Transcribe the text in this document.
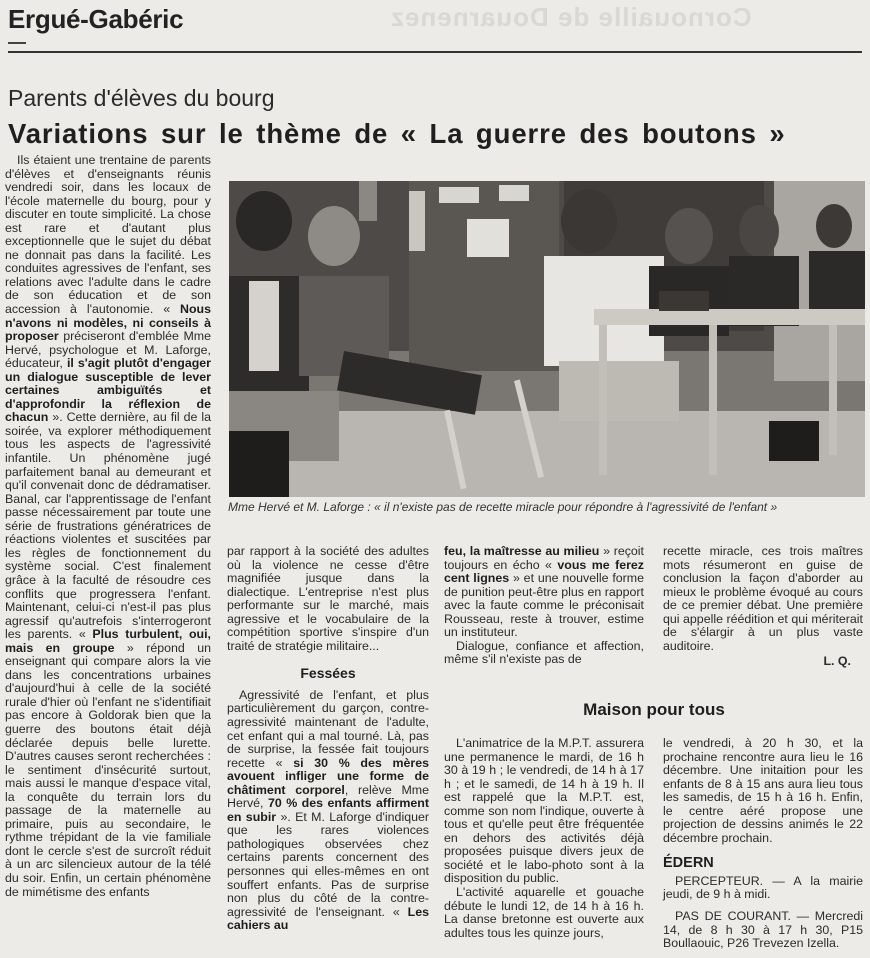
Cornouaille de Douarnenez
Ergué-Gabéric
Parents d'élèves du bourg
Variations sur le thème de « La guerre des boutons »

Ils étaient une trentaine de parents d'élèves et d'enseignants réunis vendredi soir, dans les locaux de l'école maternelle du bourg, pour y discuter en toute simplicité. La chose est rare et d'autant plus exceptionnelle que le sujet du débat ne donnait pas dans la facilité. Les conduites agressives de l'enfant, ses relations avec l'adulte dans le cadre de son éducation et de son accession à l'autonomie. « Nous n'avons ni modèles, ni conseils à proposer préciseront d'emblée Mme Hervé, psychologue et M. Laforge, éducateur, il s'agit plutôt d'engager un dialogue susceptible de lever certaines ambiguïtés et d'approfondir la réflexion de chacun ». Cette dernière, au fil de la soirée, va explorer méthodiquement tous les aspects de l'agressivité infantile. Un phénomène jugé parfaitement banal au demeurant et qu'il convenait donc de dédramatiser. Banal, car l'apprentissage de l'enfant passe nécessairement par toute une série de frustrations génératrices de réactions violentes et suscitées par les règles de fonctionnement du système social. C'est finalement grâce à la faculté de résoudre ces conflits que progressera l'enfant. Maintenant, celui-ci n'est-il pas plus agressif qu'autrefois s'interrogeront les parents. « Plus turbulent, oui, mais en groupe » répond un enseignant qui compare alors la vie dans les concentrations urbaines d'aujourd'hui à celle de la société rurale d'hier où l'enfant ne s'identifiait pas encore à Goldorak bien que la guerre des boutons était déjà déclarée depuis belle lurette. D'autres causes seront recherchées : le sentiment d'insécurité surtout, mais aussi le manque d'espace vital, la conquête du terrain lors du passage de la maternelle au primaire, puis au secondaire, le rythme trépidant de la vie familiale dont le cercle s'est de surcroît réduit à un arc silencieux autour de la télé du soir. Enfin, un certain phénomène de mimétisme des enfants

Mme Hervé et M. Laforge : « il n'existe pas de recette miracle pour répondre à l'agressivité de l'enfant »

par rapport à la société des adultes où la violence ne cesse d'être magnifiée jusque dans la dialectique. L'entreprise n'est plus performante sur le marché, mais agressive et le vocabulaire de la compétition sportive s'inspire d'un traité de stratégie militaire...

Fessées

Agressivité de l'enfant, et plus particulièrement du garçon, contre-agressivité maintenant de l'adulte, cet enfant qui a mal tourné. Là, pas de surprise, la fessée fait toujours recette « si 30 % des mères avouent infliger une forme de châtiment corporel, relève Mme Hervé, 70 % des enfants affirment en subir ». Et M. Laforge d'indiquer que les rares violences pathologiques observées chez certains parents concernent des personnes qui elles-mêmes en ont souffert enfants. Pas de surprise non plus du côté de la contre-agressivité de l'enseignant. « Les cahiers au

feu, la maîtresse au milieu » reçoit toujours en écho « vous me ferez cent lignes » et une nouvelle forme de punition peut-être plus en rapport avec la faute comme le préconisait Rousseau, reste à trouver, estime un instituteur.

Dialogue, confiance et affection, même s'il n'existe pas de

recette miracle, ces trois maîtres mots résumeront en guise de conclusion la façon d'aborder au mieux le problème évoqué au cours de ce premier débat. Une première qui appelle réédition et qui mériterait de s'élargir à un plus vaste auditoire.

L. Q.
Maison pour tous

L'animatrice de la M.P.T. assurera une permanence le mardi, de 16 h 30 à 19 h ; le vendredi, de 14 h à 17 h ; et le samedi, de 14 h à 19 h. Il est rappelé que la M.P.T. est, comme son nom l'indique, ouverte à tous et qu'elle peut être fréquentée en dehors des activités déjà proposées puisque divers jeux de société et le labo-photo sont à la disposition du public.

L'activité aquarelle et gouache débute le lundi 12, de 14 h à 16 h. La danse bretonne est ouverte aux adultes tous les quinze jours,

le vendredi, à 20 h 30, et la prochaine rencontre aura lieu le 16 décembre. Une initaition pour les enfants de 8 à 15 ans aura lieu tous les samedis, de 15 h à 16 h. Enfin, le centre aéré propose une projection de dessins animés le 22 décembre prochain.

ÉDERN

PERCEPTEUR. — A la mairie jeudi, de 9 h à midi.

PAS DE COURANT. — Mercredi 14, de 8 h 30 à 17 h 30, P15 Boullaouic, P26 Trevezen Izella.
